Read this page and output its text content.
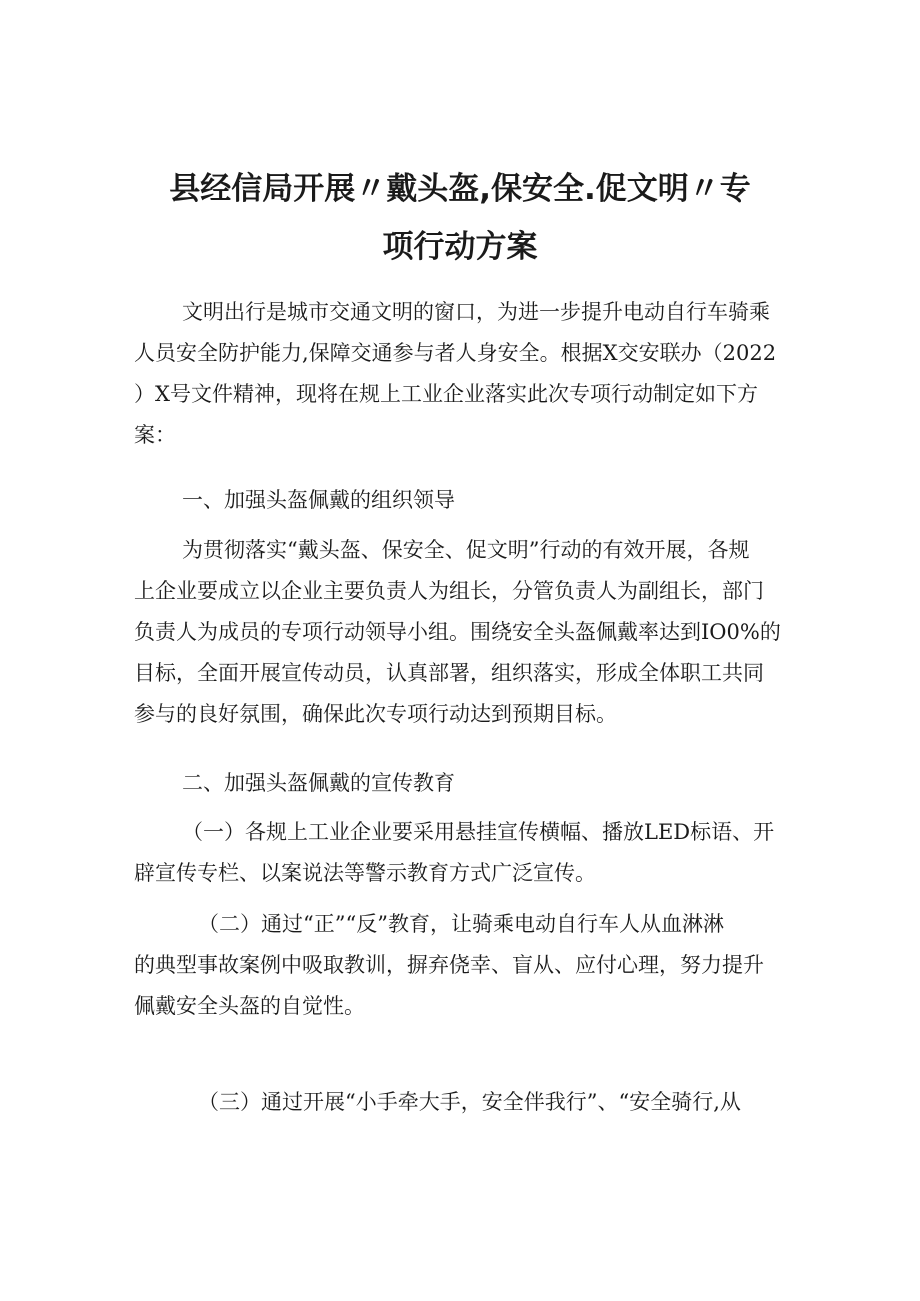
县经信局开展〃戴头盔,保安全.促文明〃专
项行动方案
文明出行是城市交通文明的窗口，为进一步提升电动自行车骑乘
人员安全防护能力,保障交通参与者人身安全。根据X交安联办（2022
）X号文件精神，现将在规上工业企业落实此次专项行动制定如下方
案：
一、加强头盔佩戴的组织领导
为贯彻落实“戴头盔、保安全、促文明”行动的有效开展，各规
上企业要成立以企业主要负责人为组长，分管负责人为副组长，部门
负责人为成员的专项行动领导小组。围绕安全头盔佩戴率达到IO0%的
目标，全面开展宣传动员，认真部署，组织落实，形成全体职工共同
参与的良好氛围，确保此次专项行动达到预期目标。
二、加强头盔佩戴的宣传教育
（一）各规上工业企业要采用悬挂宣传横幅、播放LED标语、开
辟宣传专栏、以案说法等警示教育方式广泛宣传。
（二）通过“正”“反”教育，让骑乘电动自行车人从血淋淋
的典型事故案例中吸取教训，摒弃侥幸、盲从、应付心理，努力提升
佩戴安全头盔的自觉性。
（三）通过开展“小手牵大手，安全伴我行”、“安全骑行,从
